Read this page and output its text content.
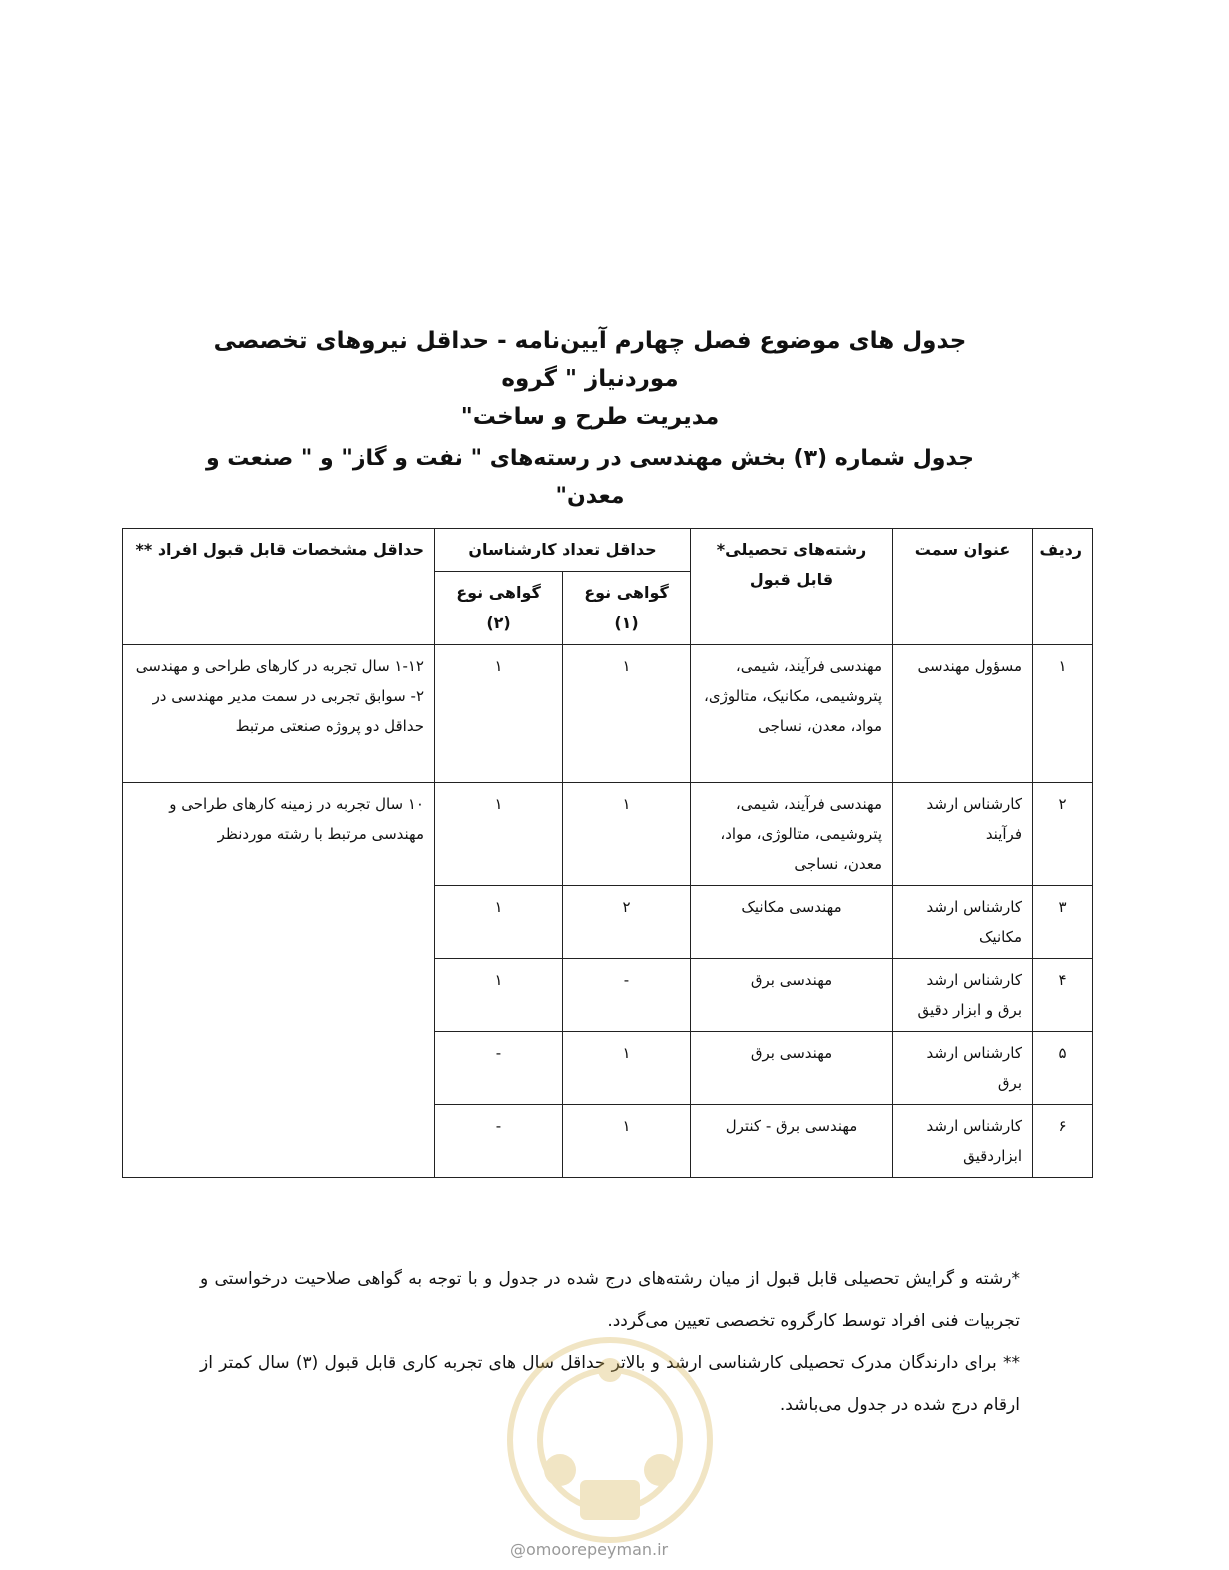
جدول های موضوع فصل چهارم آیین‌نامه - حداقل نیروهای تخصصی موردنیاز " گروه
مدیریت طرح و ساخت"
جدول شماره (۳) بخش مهندسی در رسته‌های " نفت و گاز" و " صنعت و معدن"
ردیف	عنوان سمت	رشته‌های تحصیلی* قابل قبول	حداقل تعداد کارشناسان		حداقل مشخصات قابل قبول افراد **
			گواهی نوع (۱)	گواهی نوع (۲)	
۱	مسؤول مهندسی	مهندسی فرآیند، شیمی، پتروشیمی، مکانیک، متالوژی، مواد، معدن، نساجی	۱	۱	۱-۱۲ سال تجربه در کارهای طراحی و مهندسی
۲- سوابق تجربی در سمت مدیر مهندسی در حداقل دو پروژه صنعتی مرتبط

۲	کارشناس ارشد فرآیند	مهندسی فرآیند، شیمی، پتروشیمی، متالوژی، مواد، معدن، نساجی	۱	۱	۱۰ سال تجربه در زمینه کارهای طراحی و مهندسی مرتبط با رشته موردنظر
۳	کارشناس ارشد مکانیک	مهندسی مکانیک	۲	۱	
۴	کارشناس ارشد برق و ابزار دقیق	مهندسی برق	-	۱	
۵	کارشناس ارشد برق	مهندسی برق	۱	-	
۶	کارشناس ارشد ابزاردقیق	مهندسی برق - کنترل	۱	-	

*رشته و گرایش تحصیلی قابل قبول از میان رشته‌های درج شده در جدول و با توجه به گواهی صلاحیت درخواستی و تجربیات فنی افراد توسط کارگروه تخصصی تعیین می‌گردد.

** برای دارندگان مدرک تحصیلی کارشناسی ارشد و بالاتر حداقل سال های تجربه کاری قابل قبول (۳) سال کمتر از ارقام درج شده در جدول می‌باشد.

@omoorepeyman.ir
